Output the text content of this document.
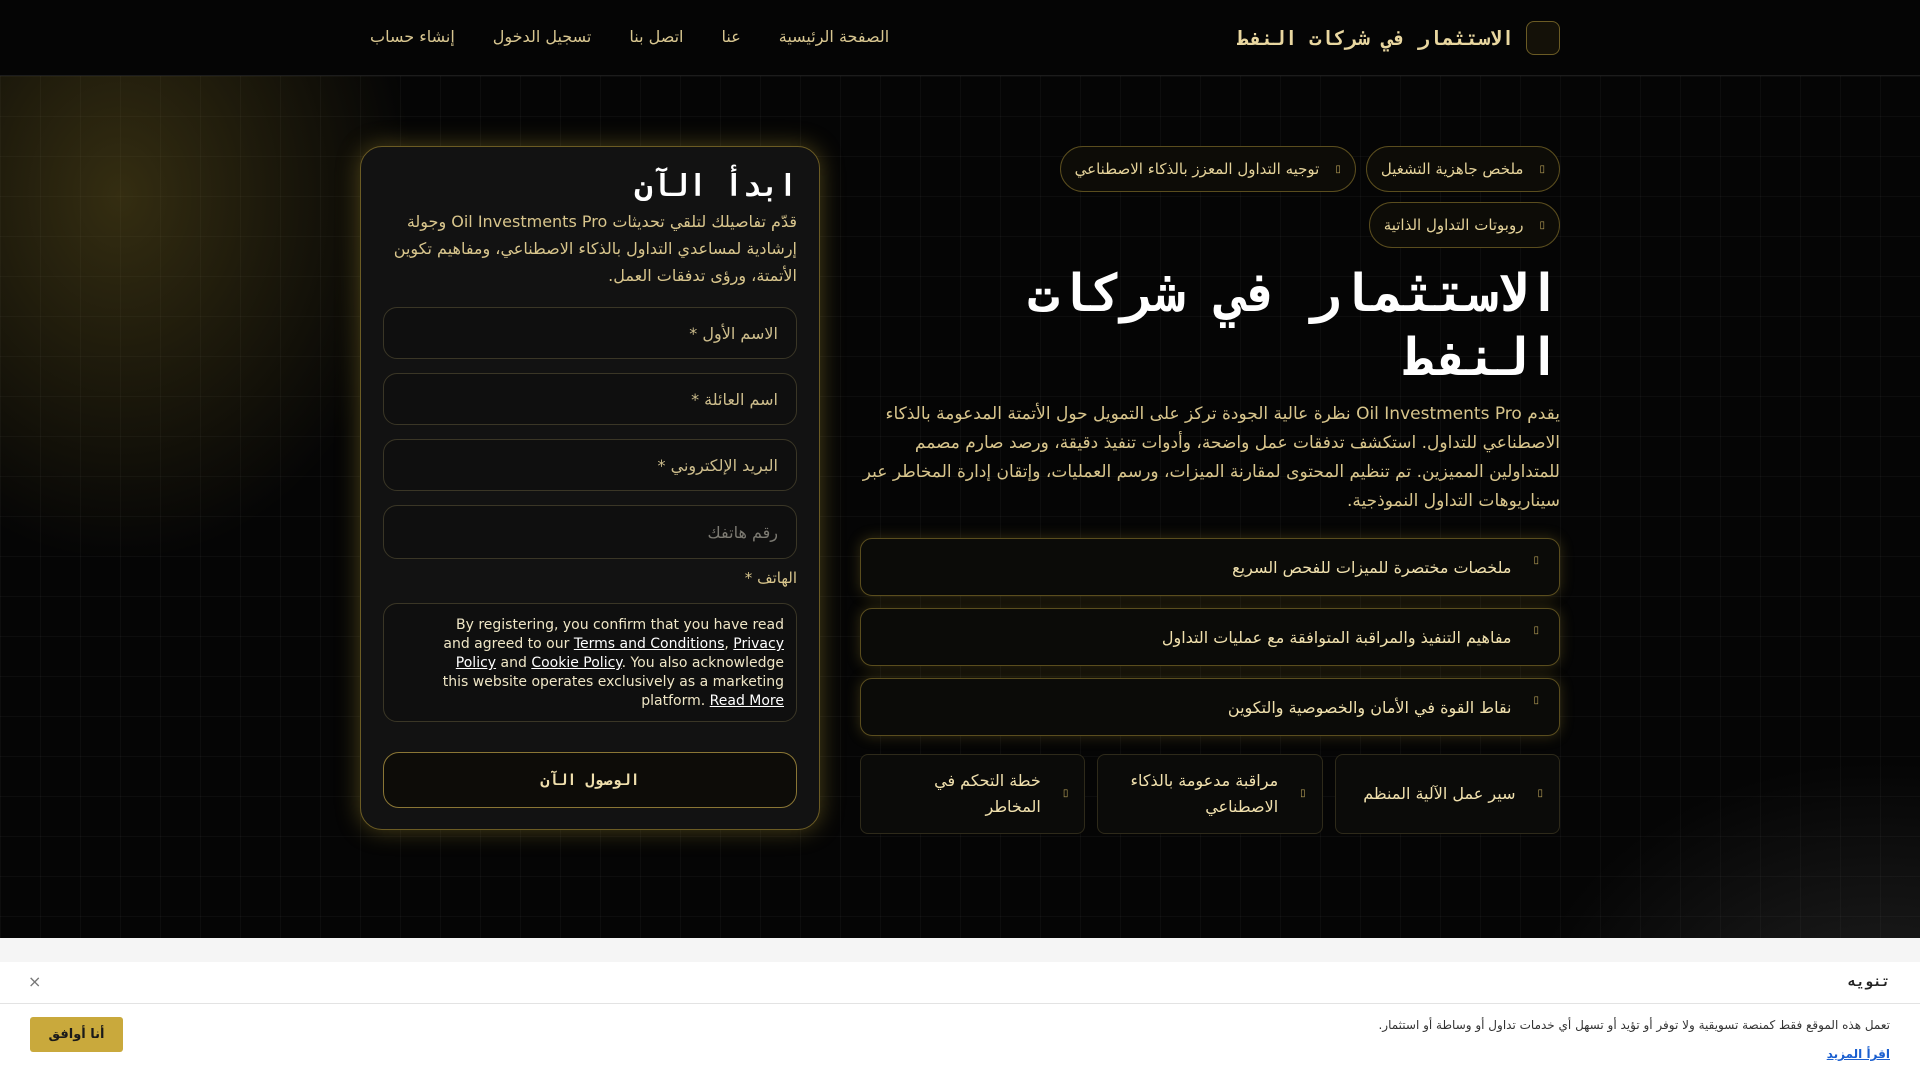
الاستثمار في شركات النفط
الصفحة الرئيسية
عنا
اتصل بنا
تسجيل الدخول
إنشاء حساب
▯
ملخص جاهزية التشغيل
▯
توجيه التداول المعزز بالذكاء الاصطناعي
▯
روبوتات التداول الذاتية
الاستثمار في شركات النفط

يقدم Oil Investments Pro نظرة عالية الجودة تركز على التمويل حول الأتمتة المدعومة بالذكاء الاصطناعي للتداول. استكشف تدفقات عمل واضحة، وأدوات تنفيذ دقيقة، ورصد صارم مصمم للمتداولين المميزين. تم تنظيم المحتوى لمقارنة الميزات، ورسم العمليات، وإتقان إدارة المخاطر عبر سيناريوهات التداول النموذجية.

▯
ملخصات مختصرة للميزات للفحص السريع
▯
مفاهيم التنفيذ والمراقبة المتوافقة مع عمليات التداول
▯
نقاط القوة في الأمان والخصوصية والتكوين
▯
سير عمل الآلية المنظم
▯
مراقبة مدعومة بالذكاء الاصطناعي
▯
خطة التحكم في المخاطر
ابدأ الآن

قدّم تفاصيلك لتلقي تحديثات Oil Investments Pro وجولة إرشادية لمساعدي التداول بالذكاء الاصطناعي، ومفاهيم تكوين الأتمتة، ورؤى تدفقات العمل.

الاسم الأول *
اسم العائلة *
البريد الإلكتروني *
رقم هاتفك
الهاتف *
By registering, you confirm that you have read and agreed to our Terms and Conditions, Privacy Policy and Cookie Policy. You also acknowledge this website operates exclusively as a marketing platform. Read More
الوصول الآن
تنويه
×
تعمل هذه الموقع فقط كمنصة تسويقية ولا توفر أو تؤيد أو تسهل أي خدمات تداول أو وساطة أو استثمار.
اقرأ المزيد
أنا أوافق
